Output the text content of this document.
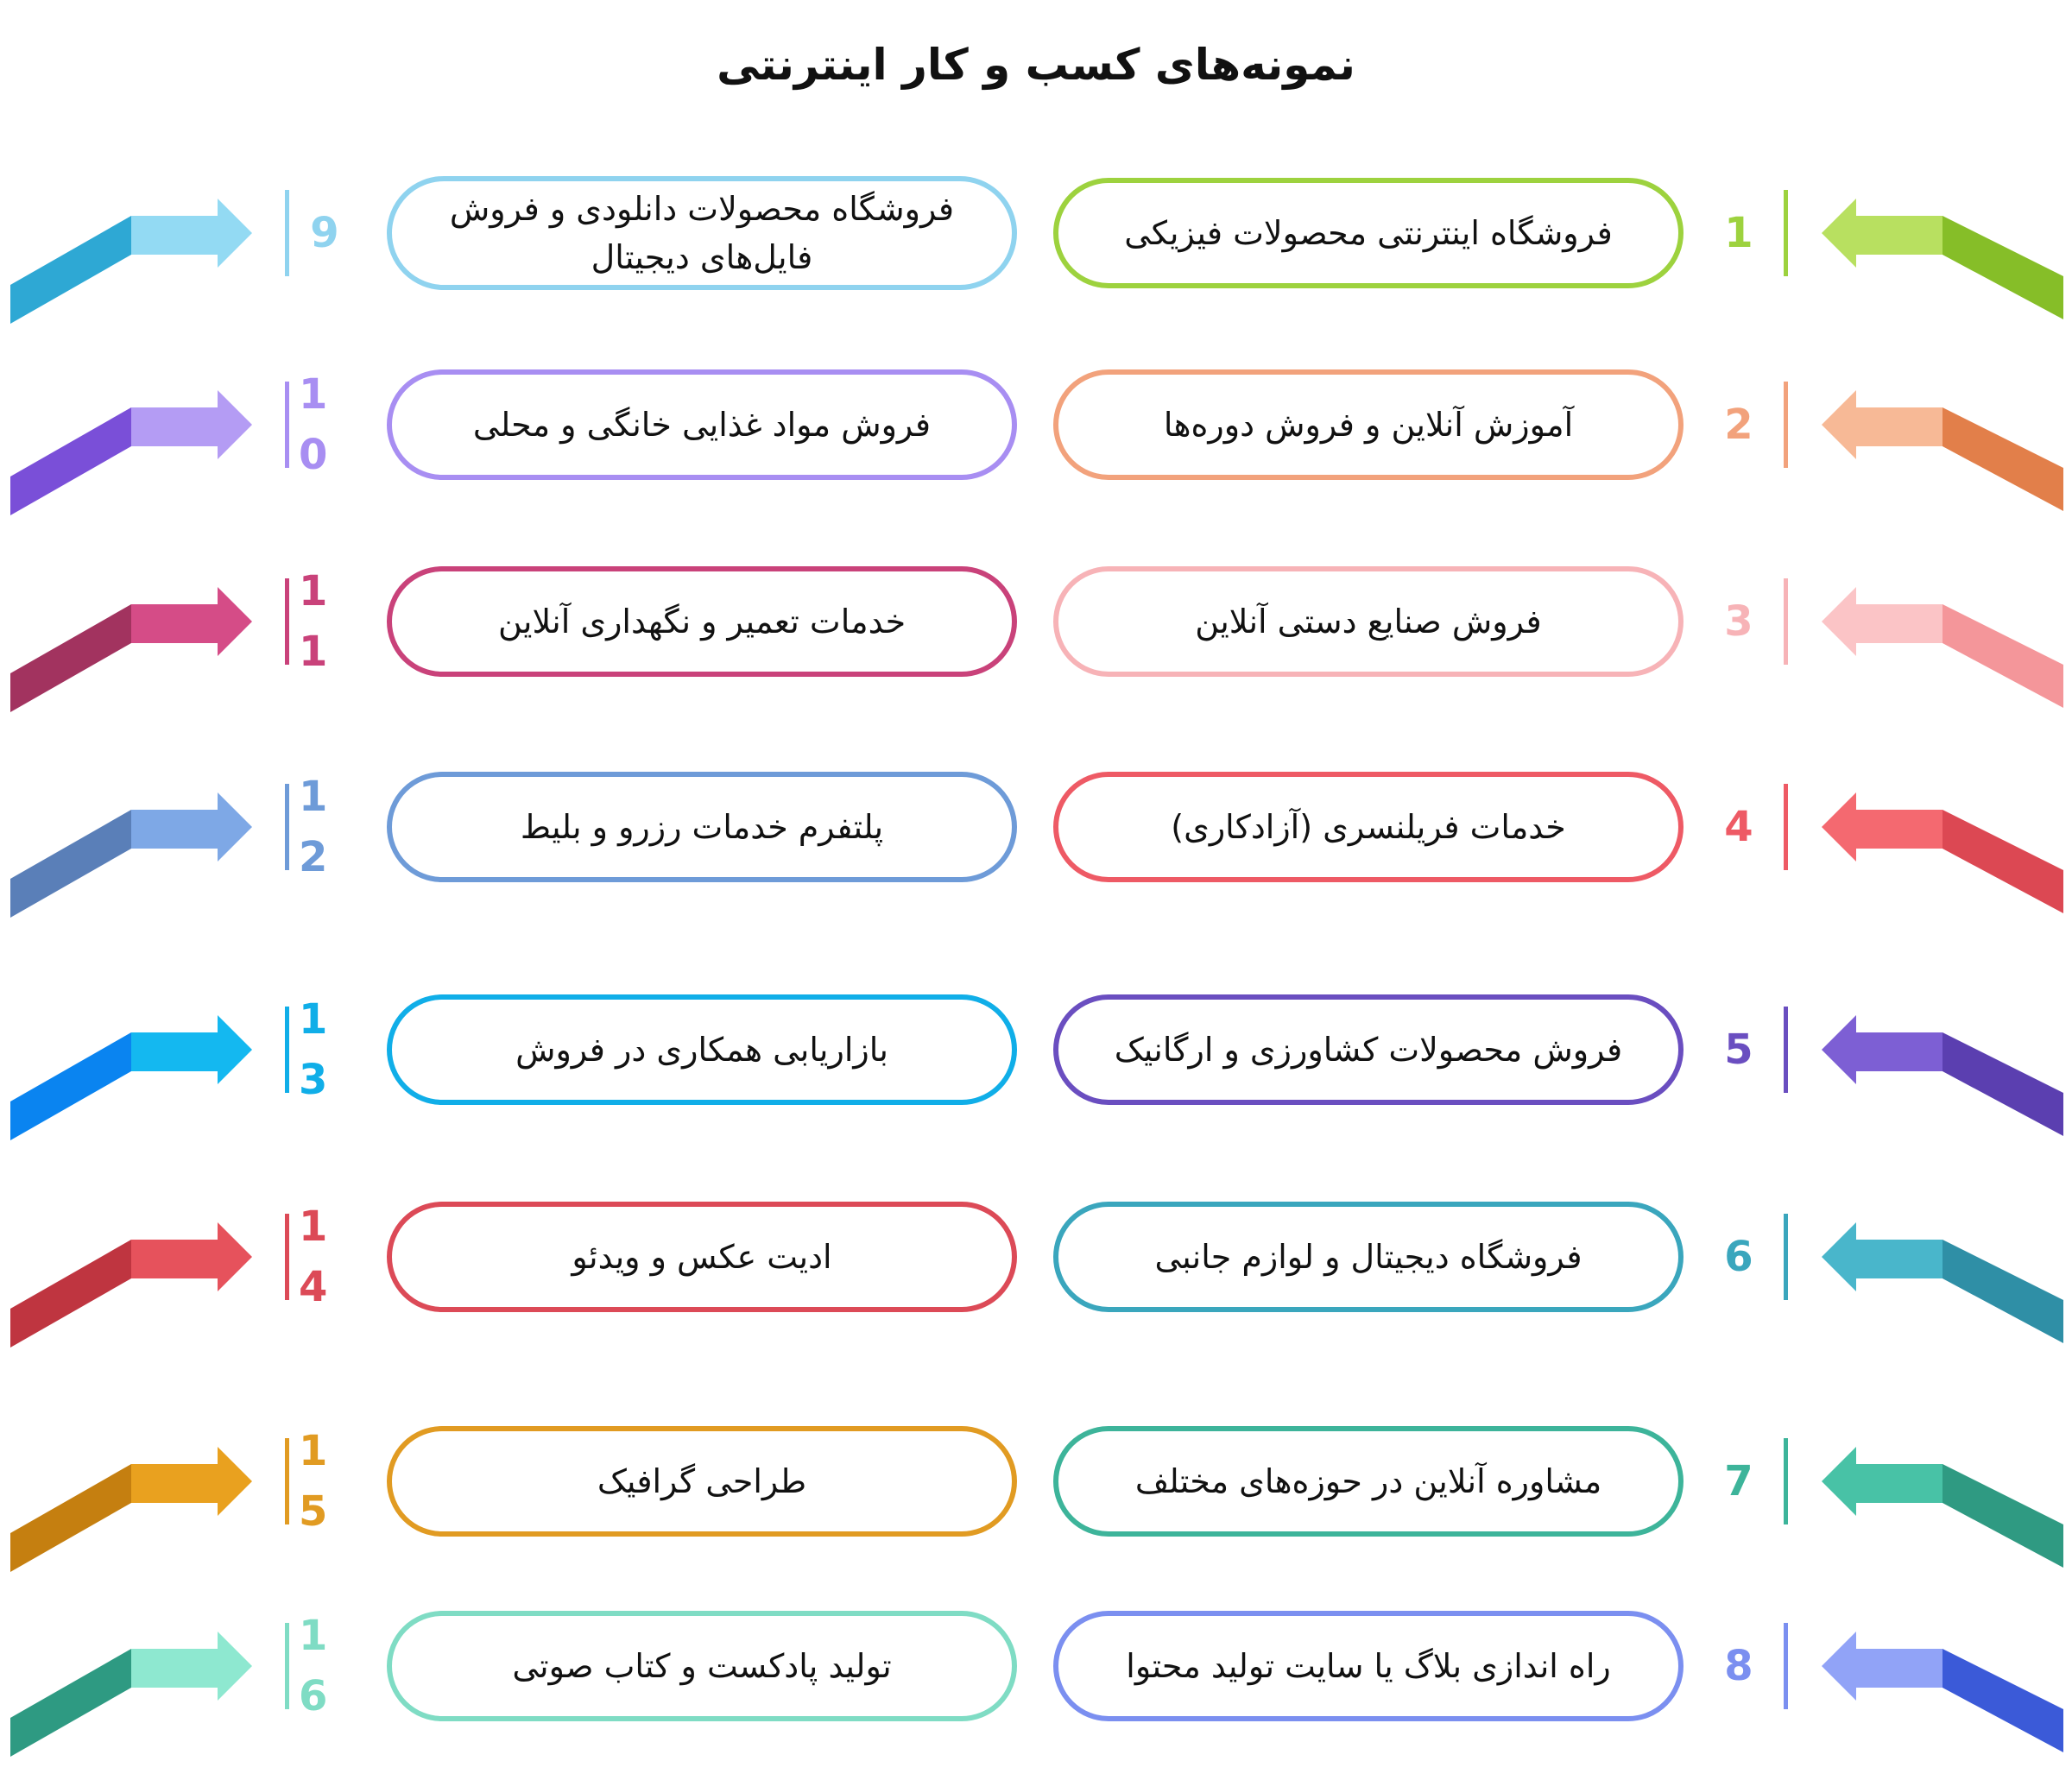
نمونه‌های کسب و کار اینترنتی
فروشگاه اینترنتی محصولات فیزیکی	1
آموزش آنلاین و فروش دوره‌ها	2
فروش صنایع دستی آنلاین	3
خدمات فریلنسری (آزادکاری)	4
فروش محصولات کشاورزی و ارگانیک	5
فروشگاه دیجیتال و لوازم جانبی	6
مشاوره آنلاین در حوزه‌های مختلف	7
راه اندازی بلاگ یا سایت تولید محتوا	8
فروشگاه محصولات دانلودی و فروش فایل‌های دیجیتال
9
فروش مواد غذایی خانگی و محلی
10
خدمات تعمیر و نگهداری آنلاین
11
پلتفرم خدمات رزرو و بلیط
12
بازاریابی همکاری در فروش
13
ادیت عکس و ویدئو
14
طراحی گرافیک
15
تولید پادکست و کتاب صوتی
16
